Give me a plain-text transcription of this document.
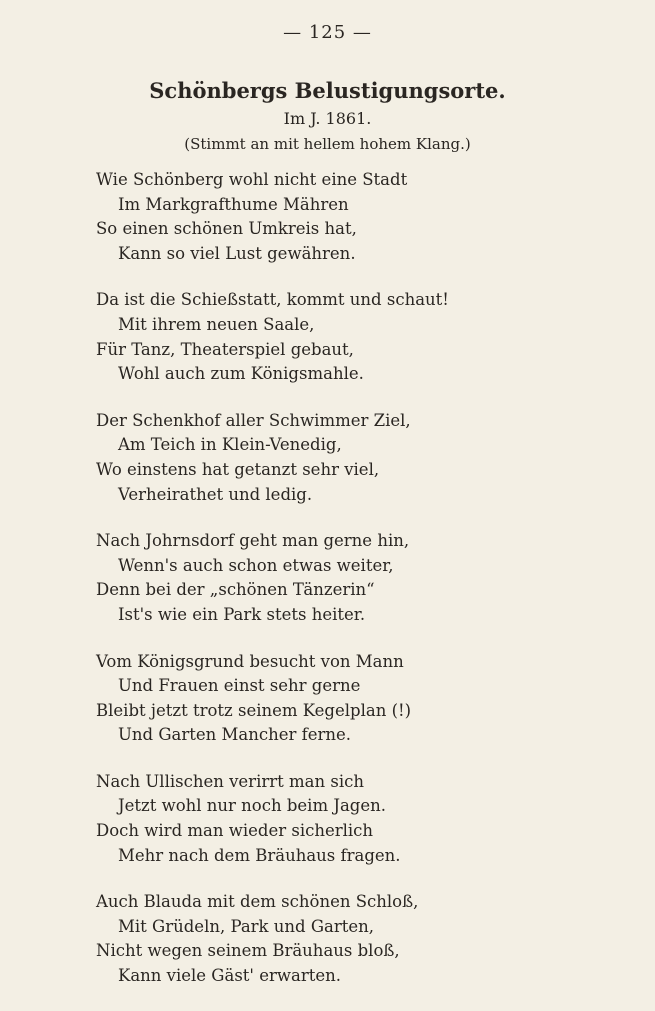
— 125 —
Schönbergs Belustigungsorte.
Im J. 1861.
(Stimmt an mit hellem hohem Klang.)
Wie Schönberg wohl nicht eine Stadt
Im Markgrafthume Mähren
So einen schönen Umkreis hat,
Kann so viel Lust gewähren.
Da ist die Schießstatt, kommt und schaut!
Mit ihrem neuen Saale,
Für Tanz, Theaterspiel gebaut,
Wohl auch zum Königsmahle.
Der Schenkhof aller Schwimmer Ziel,
Am Teich in Klein-Venedig,
Wo einstens hat getanzt sehr viel,
Verheirathet und ledig.
Nach Johrnsdorf geht man gerne hin,
Wenn's auch schon etwas weiter,
Denn bei der „schönen Tänzerin“
Ist's wie ein Park stets heiter.
Vom Königsgrund besucht von Mann
Und Frauen einst sehr gerne
Bleibt jetzt trotz seinem Kegelplan (!)
Und Garten Mancher ferne.
Nach Ullischen verirrt man sich
Jetzt wohl nur noch beim Jagen.
Doch wird man wieder sicherlich
Mehr nach dem Bräuhaus fragen.
Auch Blauda mit dem schönen Schloß,
Mit Grüdeln, Park und Garten,
Nicht wegen seinem Bräuhaus bloß,
Kann viele Gäst' erwarten.
